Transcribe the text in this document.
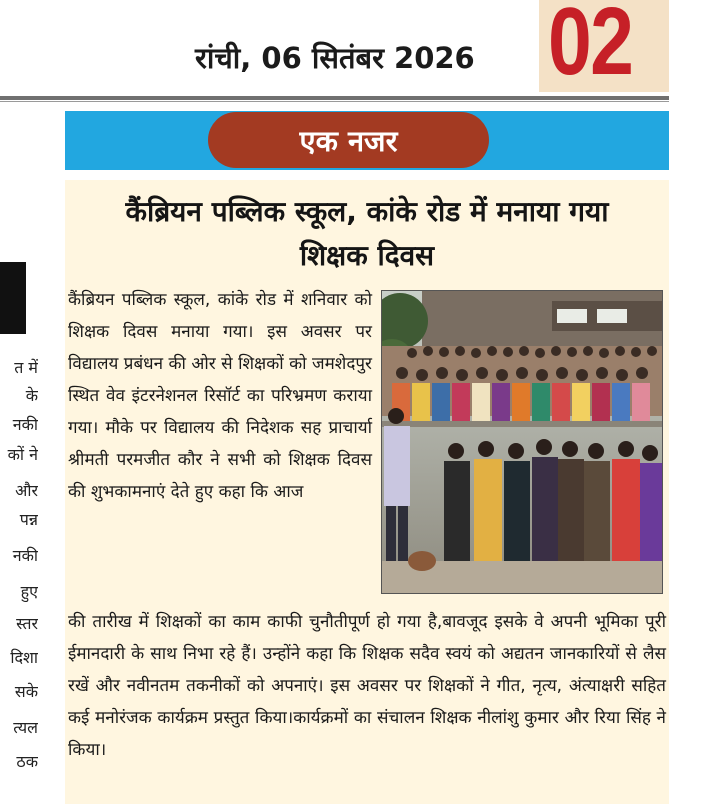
रांची, 06 सितंबर 2026 02
एक नजर
त में
के
नकी
कों ने
और
पन्न
नकी
हुए
स्तर
दिशा
सके
त्यल
ठक
कैंब्रियन पब्लिक स्कूल, कांके रोड में मनाया गया
शिक्षक दिवस
कैंब्रियन पब्लिक स्कूल, कांके रोड में शनिवार को शिक्षक दिवस मनाया गया। इस अवसर पर विद्यालय प्रबंधन की ओर से शिक्षकों को जमशेदपुर स्थित वेव इंटरनेशनल रिसॉर्ट का परिभ्रमण कराया गया। मौके पर विद्यालय की निदेशक सह प्राचार्या श्रीमती परमजीत कौर ने सभी को शिक्षक दिवस की शुभकामनाएं देते हुए कहा कि आज
की तारीख में शिक्षकों का काम काफी चुनौतीपूर्ण हो गया है,बावजूद इसके वे अपनी भूमिका पूरी ईमानदारी के साथ निभा रहे हैं। उन्होंने कहा कि शिक्षक सदैव स्वयं को अद्यतन जानकारियों से लैस रखें और नवीनतम तकनीकों को अपनाएं। इस अवसर पर शिक्षकों ने गीत, नृत्य, अंत्याक्षरी सहित कई मनोरंजक कार्यक्रम प्रस्तुत किया।कार्यक्रमों का संचालन शिक्षक नीलांशु कुमार और रिया सिंह ने किया।
